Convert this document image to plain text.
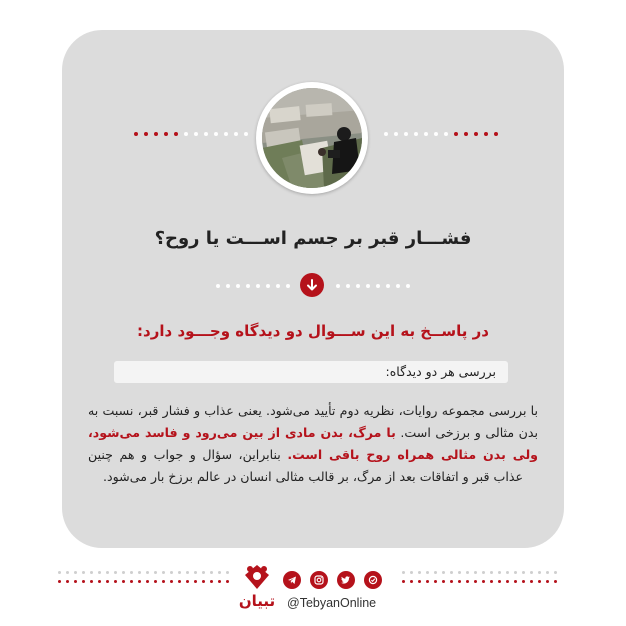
فشـــار قبر بر جسم اســـت یا روح؟
در پاســخ به این ســـوال دو دیدگاه وجـــود دارد:
بررسی هر دو دیدگاه:
با بررسی مجموعه روایات، نظریه دوم تأیید می‌شود. یعنی عذاب و فشار قبر، نسبت به بدن مثالی و برزخی است. با مرگ، بدن مادی از بین می‌رود و فاسد می‌شود، ولی بدن مثالی همراه روح باقی است. بنابراین، سؤال و جواب و هم چنین عذاب قبر و اتفاقات بعد از مرگ، بر قالب مثالی انسان در عالم برزخ بار می‌شود.
تبیان @TebyanOnline
